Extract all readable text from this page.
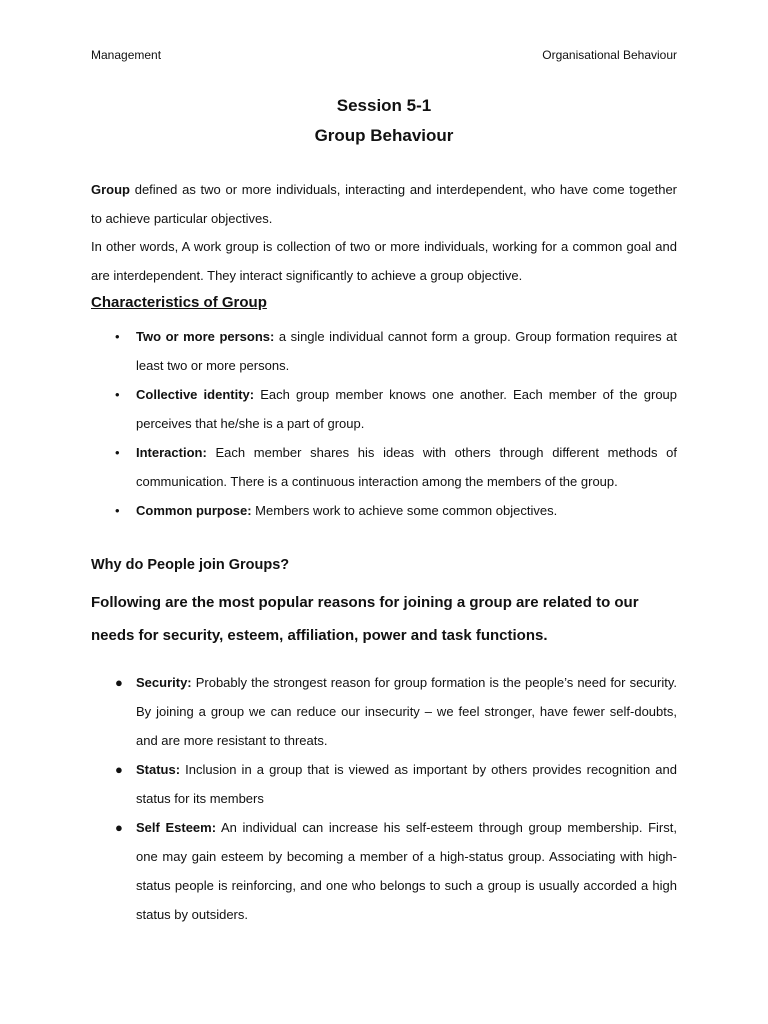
Management	Organisational Behaviour
Session 5-1
Group Behaviour
Group defined as two or more individuals, interacting and interdependent, who have come together to achieve particular objectives.
In other words, A work group is collection of two or more individuals, working for a common goal and are interdependent. They interact significantly to achieve a group objective.
Characteristics of Group
• Two or more persons: a single individual cannot form a group. Group formation requires at least two or more persons.
• Collective identity: Each group member knows one another. Each member of the group perceives that he/she is a part of group.
• Interaction: Each member shares his ideas with others through different methods of communication. There is a continuous interaction among the members of the group.
• Common purpose: Members work to achieve some common objectives.
Why do People join Groups?
Following are the most popular reasons for joining a group are related to our needs for security, esteem, affiliation, power and task functions.
● Security: Probably the strongest reason for group formation is the people’s need for security. By joining a group we can reduce our insecurity – we feel stronger, have fewer self-doubts, and are more resistant to threats.
● Status: Inclusion in a group that is viewed as important by others provides recognition and status for its members
● Self Esteem: An individual can increase his self-esteem through group membership. First, one may gain esteem by becoming a member of a high-status group. Associating with high-status people is reinforcing, and one who belongs to such a group is usually accorded a high status by outsiders.
